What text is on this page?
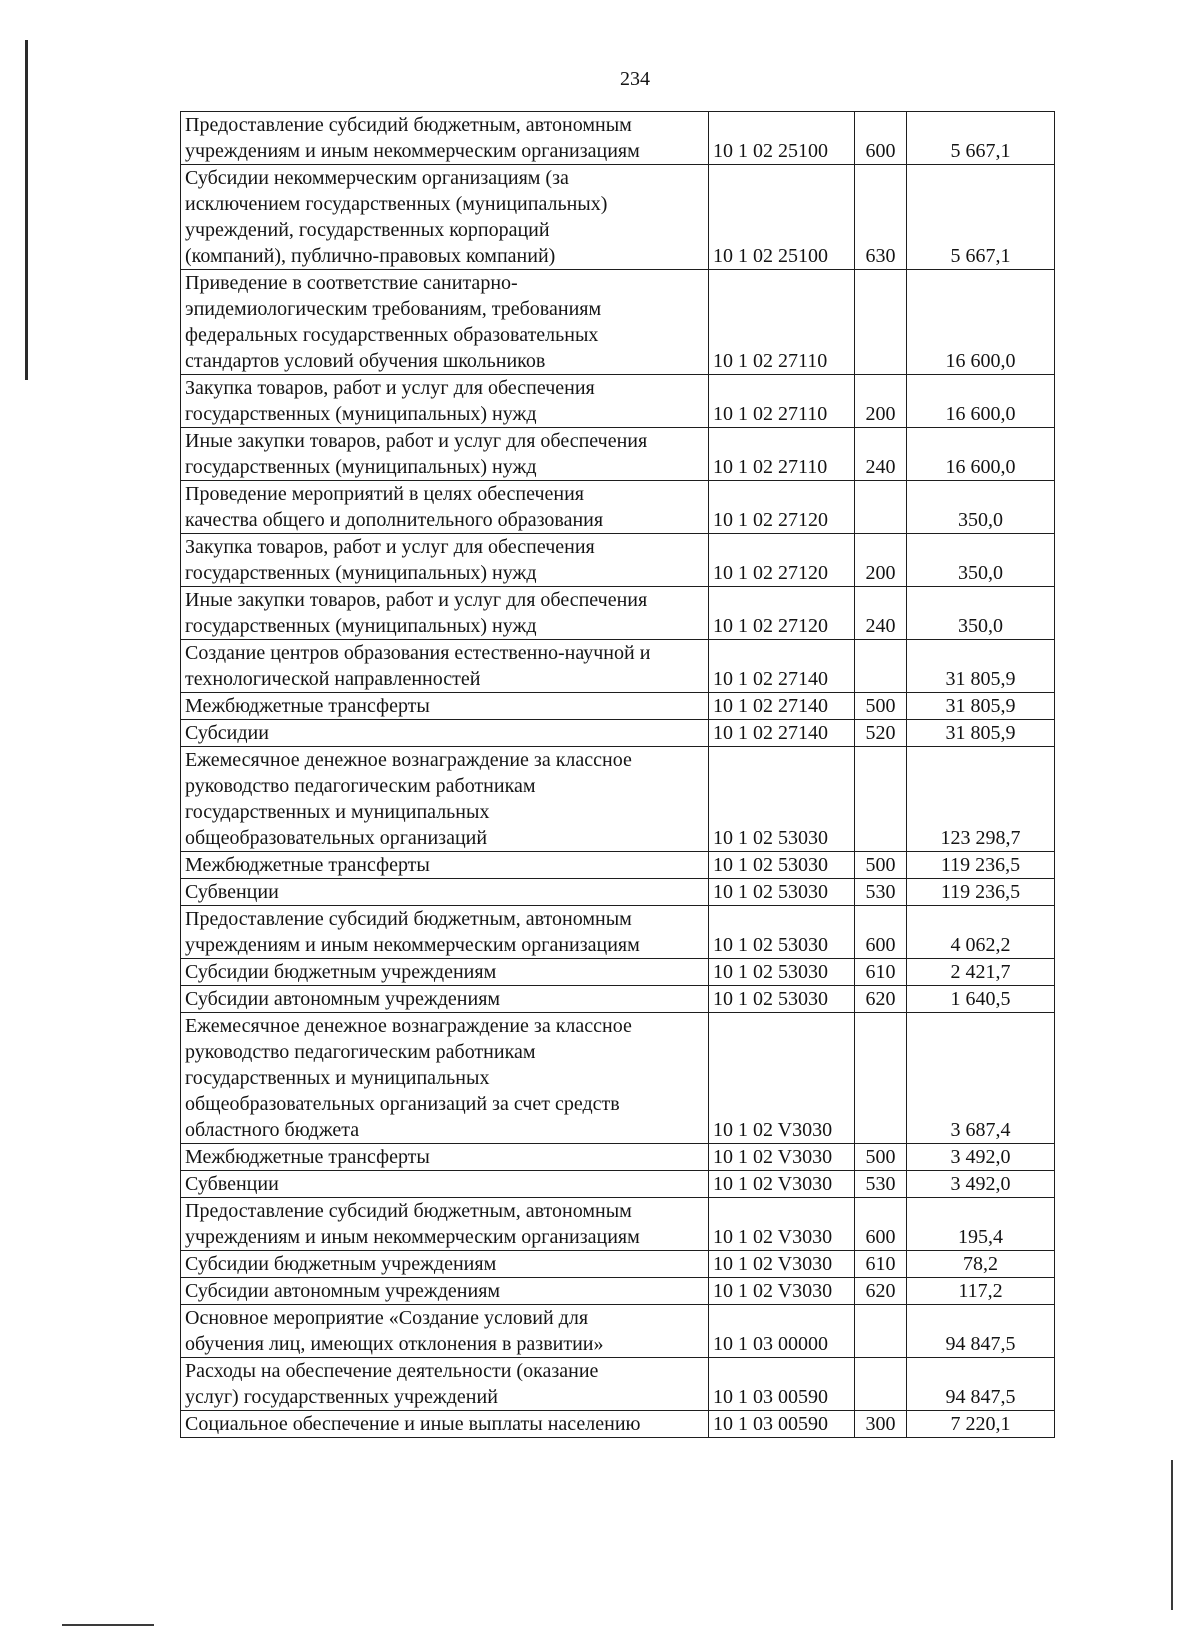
234
Предоставление субсидий бюджетным, автономным
учреждениям и иным некоммерческим организациям	10 1 02 25100	600	5 667,1

Субсидии некоммерческим организациям (за
исключением государственных (муниципальных)
учреждений, государственных корпораций
(компаний), публично-правовых компаний)	10 1 02 25100	630	5 667,1

Приведение в соответствие санитарно-
эпидемиологическим требованиям, требованиям
федеральных государственных образовательных
стандартов условий обучения школьников	10 1 02 27110		16 600,0

Закупка товаров, работ и услуг для обеспечения
государственных (муниципальных) нужд	10 1 02 27110	200	16 600,0

Иные закупки товаров, работ и услуг для обеспечения
государственных (муниципальных) нужд	10 1 02 27110	240	16 600,0

Проведение мероприятий в целях обеспечения
качества общего и дополнительного образования	10 1 02 27120		350,0

Закупка товаров, работ и услуг для обеспечения
государственных (муниципальных) нужд	10 1 02 27120	200	350,0

Иные закупки товаров, работ и услуг для обеспечения
государственных (муниципальных) нужд	10 1 02 27120	240	350,0

Создание центров образования естественно-научной и
технологической направленностей	10 1 02 27140		31 805,9

Межбюджетные трансферты	10 1 02 27140	500	31 805,9

Субсидии	10 1 02 27140	520	31 805,9

Ежемесячное денежное вознаграждение за классное
руководство педагогическим работникам
государственных и муниципальных
общеобразовательных организаций	10 1 02 53030		123 298,7

Межбюджетные трансферты	10 1 02 53030	500	119 236,5

Субвенции	10 1 02 53030	530	119 236,5

Предоставление субсидий бюджетным, автономным
учреждениям и иным некоммерческим организациям	10 1 02 53030	600	4 062,2

Субсидии бюджетным учреждениям	10 1 02 53030	610	2 421,7

Субсидии автономным учреждениям	10 1 02 53030	620	1 640,5

Ежемесячное денежное вознаграждение за классное
руководство педагогическим работникам
государственных и муниципальных
общеобразовательных организаций за счет средств
областного бюджета	10 1 02 V3030		3 687,4

Межбюджетные трансферты	10 1 02 V3030	500	3 492,0

Субвенции	10 1 02 V3030	530	3 492,0

Предоставление субсидий бюджетным, автономным
учреждениям и иным некоммерческим организациям	10 1 02 V3030	600	195,4

Субсидии бюджетным учреждениям	10 1 02 V3030	610	78,2

Субсидии автономным учреждениям	10 1 02 V3030	620	117,2

Основное мероприятие «Создание условий для
обучения лиц, имеющих отклонения в развитии»	10 1 03 00000		94 847,5

Расходы на обеспечение деятельности (оказание
услуг) государственных учреждений	10 1 03 00590		94 847,5

Социальное обеспечение и иные выплаты населению	10 1 03 00590	300	7 220,1
